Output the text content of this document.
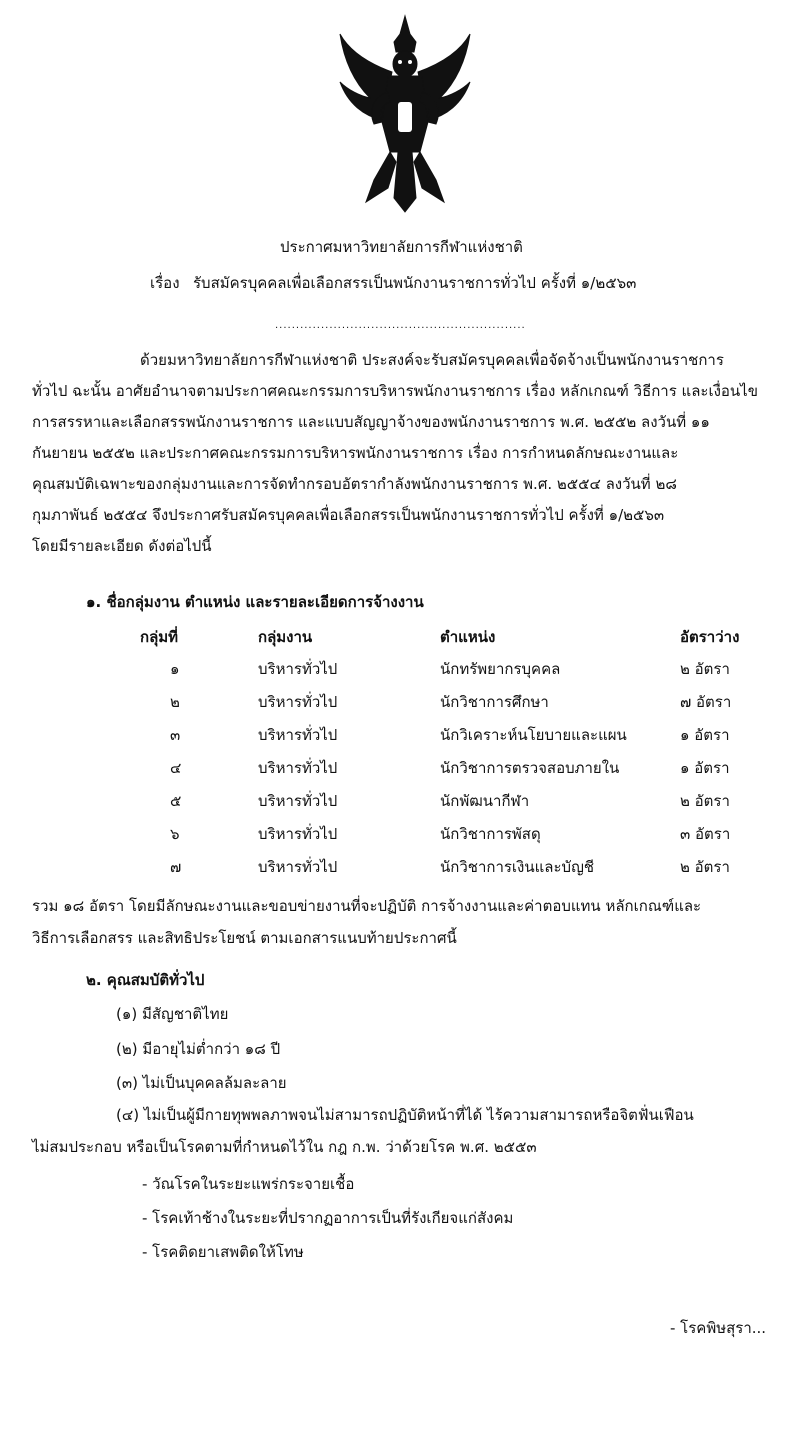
ประกาศมหาวิทยาลัยการกีฬาแห่งชาติ
เรื่อง รับสมัครบุคคลเพื่อเลือกสรรเป็นพนักงานราชการทั่วไป ครั้งที่ ๑/๒๕๖๓
............................................................
ด้วยมหาวิทยาลัยการกีฬาแห่งชาติ ประสงค์จะรับสมัครบุคคลเพื่อจัดจ้างเป็นพนักงานราชการ
ทั่วไป ฉะนั้น อาศัยอำนาจตามประกาศคณะกรรมการบริหารพนักงานราชการ เรื่อง หลักเกณฑ์ วิธีการ และเงื่อนไข
การสรรหาและเลือกสรรพนักงานราชการ และแบบสัญญาจ้างของพนักงานราชการ พ.ศ. ๒๕๕๒ ลงวันที่ ๑๑
กันยายน ๒๕๕๒ และประกาศคณะกรรมการบริหารพนักงานราชการ เรื่อง การกำหนดลักษณะงานและ
คุณสมบัติเฉพาะของกลุ่มงานและการจัดทำกรอบอัตรากำลังพนักงานราชการ พ.ศ. ๒๕๕๔ ลงวันที่ ๒๘
กุมภาพันธ์ ๒๕๕๔ จึงประกาศรับสมัครบุคคลเพื่อเลือกสรรเป็นพนักงานราชการทั่วไป ครั้งที่ ๑/๒๕๖๓
โดยมีรายละเอียด ดังต่อไปนี้
๑. ชื่อกลุ่มงาน ตำแหน่ง และรายละเอียดการจ้างงาน
กลุ่มที่	กลุ่มงาน	ตำแหน่ง	อัตราว่าง
๑	บริหารทั่วไป	นักทรัพยากรบุคคล	๒ อัตรา
๒	บริหารทั่วไป	นักวิชาการศึกษา	๗ อัตรา
๓	บริหารทั่วไป	นักวิเคราะห์นโยบายและแผน	๑ อัตรา
๔	บริหารทั่วไป	นักวิชาการตรวจสอบภายใน	๑ อัตรา
๕	บริหารทั่วไป	นักพัฒนากีฬา	๒ อัตรา
๖	บริหารทั่วไป	นักวิชาการพัสดุ	๓ อัตรา
๗	บริหารทั่วไป	นักวิชาการเงินและบัญชี	๒ อัตรา
รวม ๑๘ อัตรา โดยมีลักษณะงานและขอบข่ายงานที่จะปฏิบัติ การจ้างงานและค่าตอบแทน หลักเกณฑ์และ
วิธีการเลือกสรร และสิทธิประโยชน์ ตามเอกสารแนบท้ายประกาศนี้
๒. คุณสมบัติทั่วไป
(๑) มีสัญชาติไทย
(๒) มีอายุไม่ต่ำกว่า ๑๘ ปี
(๓) ไม่เป็นบุคคลล้มละลาย
(๔) ไม่เป็นผู้มีกายทุพพลภาพจนไม่สามารถปฏิบัติหน้าที่ได้ ไร้ความสามารถหรือจิตฟั่นเฟือน
ไม่สมประกอบ หรือเป็นโรคตามที่กำหนดไว้ใน กฎ ก.พ. ว่าด้วยโรค พ.ศ. ๒๕๕๓
- วัณโรคในระยะแพร่กระจายเชื้อ
- โรคเท้าช้างในระยะที่ปรากฏอาการเป็นที่รังเกียจแก่สังคม
- โรคติดยาเสพติดให้โทษ
- โรคพิษสุรา...
